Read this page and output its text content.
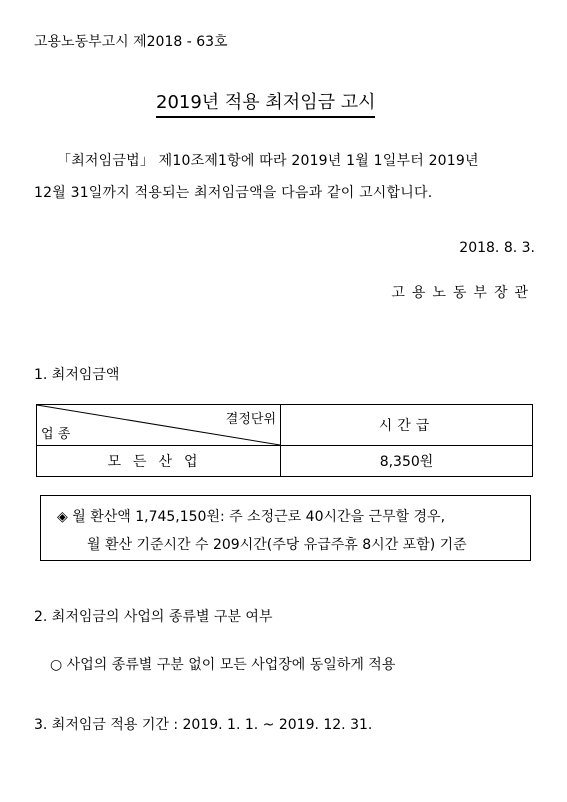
고용노동부고시 제2018 - 63호
2019년 적용 최저임금 고시
「최저임금법」 제10조제1항에 따라 2019년 1월 1일부터 2019년
12월 31일까지 적용되는 최저임금액을 다음과 같이 고시합니다.
2018. 8. 3.
고용노동부장관
1. 최저임금액
결정단위
업 종	시간급
모든산업	8,350원
◈ 월 환산액 1,745,150원: 주 소정근로 40시간을 근무할 경우,
월 환산 기준시간 수 209시간(주당 유급주휴 8시간 포함) 기준
2. 최저임금의 사업의 종류별 구분 여부
○ 사업의 종류별 구분 없이 모든 사업장에 동일하게 적용
3. 최저임금 적용 기간 : 2019. 1. 1. ~ 2019. 12. 31.
